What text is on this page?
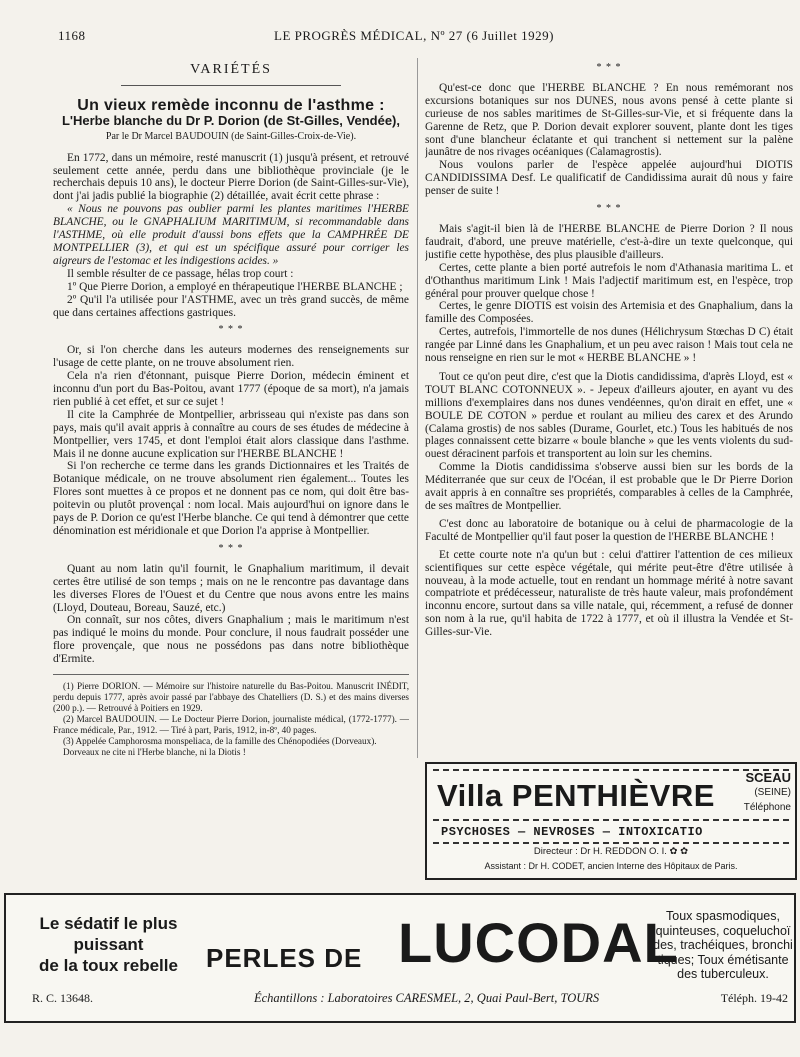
1168	LE PROGRÈS MÉDICAL, Nº 27 (6 Juillet 1929)
VARIÉTÉS
Un vieux remède inconnu de l'asthme :
L'Herbe blanche du Dr P. Dorion (de St-Gilles, Vendée),
Par le Dr Marcel BAUDOUIN (de Saint-Gilles-Croix-de-Vie).

En 1772, dans un mémoire, resté manuscrit (1) jusqu'à présent, et retrouvé seulement cette année, perdu dans une bibliothèque provinciale (je le recherchais depuis 10 ans), le docteur Pierre Dorion (de Saint-Gilles-sur-Vie), dont j'ai jadis publié la biographie (2) détaillée, avait écrit cette phrase :

« Nous ne pouvons pas oublier parmi les plantes maritimes l'HERBE BLANCHE, ou le GNAPHALIUM MARITIMUM, si recommandable dans l'ASTHME, où elle produit d'aussi bons effets que la CAMPHRÉE DE MONTPELLIER (3), et qui est un spécifique assuré pour corriger les aigreurs de l'estomac et les indigestions acides. »

Il semble résulter de ce passage, hélas trop court :

1º Que Pierre Dorion, a employé en thérapeutique l'HERBE BLANCHE ;

2º Qu'il l'a utilisée pour l'ASTHME, avec un très grand succès, de même que dans certaines affections gastriques.

* * *

Or, si l'on cherche dans les auteurs modernes des renseignements sur l'usage de cette plante, on ne trouve absolument rien.

Cela n'a rien d'étonnant, puisque Pierre Dorion, médecin éminent et inconnu d'un port du Bas-Poitou, avant 1777 (époque de sa mort), n'a jamais rien publié à cet effet, et sur ce sujet !

Il cite la Camphrée de Montpellier, arbrisseau qui n'existe pas dans son pays, mais qu'il avait appris à connaître au cours de ses études de médecine à Montpellier, vers 1745, et dont l'emploi était alors classique dans l'asthme. Mais il ne donne aucune explication sur l'HERBE BLANCHE !

Si l'on recherche ce terme dans les grands Dictionnaires et les Traités de Botanique médicale, on ne trouve absolument rien également... Toutes les Flores sont muettes à ce propos et ne donnent pas ce nom, qui doit être bas-poitevin ou plutôt provençal : nom local. Mais aujourd'hui on ignore dans le pays de P. Dorion ce qu'est l'Herbe blanche. Ce qui tend à démontrer que cette dénomination est méridionale et que Dorion l'a apprise à Montpellier.

* * *

Quant au nom latin qu'il fournit, le Gnaphalium maritimum, il devait certes être utilisé de son temps ; mais on ne le rencontre pas davantage dans les diverses Flores de l'Ouest et du Centre que nous avons entre les mains (Lloyd, Douteau, Boreau, Sauzé, etc.)

On connaît, sur nos côtes, divers Gnaphalium ; mais le maritimum n'est pas indiqué le moins du monde. Pour conclure, il nous faudrait posséder une flore provençale, que nous ne possédons pas dans notre bibliothèque d'Ermite.

(1) Pierre DORION. — Mémoire sur l'histoire naturelle du Bas-Poitou. Manuscrit INÉDIT, perdu depuis 1777, après avoir passé par l'abbaye des Chatelliers (D. S.) et des mains diverses (200 p.). — Retrouvé à Poitiers en 1929.

(2) Marcel BAUDOUIN. — Le Docteur Pierre Dorion, journaliste médical, (1772-1777). — France médicale, Par., 1912. — Tiré à part, Paris, 1912, in-8º, 40 pages.

(3) Appelée Camphorosma monspeliaca, de la famille des Chénopodiées (Dorveaux).

Dorveaux ne cite ni l'Herbe blanche, ni la Diotis !

* * *

Qu'est-ce donc que l'HERBE BLANCHE ? En nous remémorant nos excursions botaniques sur nos DUNES, nous avons pensé à cette plante si curieuse de nos sables maritimes de St-Gilles-sur-Vie, et si fréquente dans la Garenne de Retz, que P. Dorion devait explorer souvent, plante dont les tiges sont d'une blancheur éclatante et qui tranchent si nettement sur la palène jaunâtre de nos rivages océaniques (Calamagrostis).

Nous voulons parler de l'espèce appelée aujourd'hui DIOTIS CANDIDISSIMA Desf. Le qualificatif de Candidissima aurait dû nous y faire penser de suite !

* * *

Mais s'agit-il bien là de l'HERBE BLANCHE de Pierre Dorion ? Il nous faudrait, d'abord, une preuve matérielle, c'est-à-dire un texte quelconque, qui justifie cette hypothèse, des plus plausible d'ailleurs.

Certes, cette plante a bien porté autrefois le nom d'Athanasia maritima L. et d'Othanthus maritimum Link ! Mais l'adjectif maritimum est, en l'espèce, trop général pour prouver quelque chose !

Certes, le genre DIOTIS est voisin des Artemisia et des Gnaphalium, dans la famille des Composées.

Certes, autrefois, l'immortelle de nos dunes (Hélichrysum Stœchas D C) était rangée par Linné dans les Gnaphalium, et un peu avec raison ! Mais tout cela ne nous renseigne en rien sur le mot « HERBE BLANCHE » !

Tout ce qu'on peut dire, c'est que la Diotis candidissima, d'après Lloyd, est « TOUT BLANC COTONNEUX ». - Jepeux d'ailleurs ajouter, en ayant vu des millions d'exemplaires dans nos dunes vendéennes, qu'on dirait en effet, une « BOULE DE COTON » perdue et roulant au milieu des carex et des Arundo (Calama grostis) de nos sables (Durame, Gourlet, etc.) Tous les habitués de nos plages connaissent cette bizarre « boule blanche » que les vents violents du sud-ouest déracinent parfois et transportent au loin sur les chemins.

Comme la Diotis candidissima s'observe aussi bien sur les bords de la Méditerranée que sur ceux de l'Océan, il est probable que le Dr Pierre Dorion avait appris à en connaître ses propriétés, comparables à celles de la Camphrée, de ses maîtres de Montpellier.

C'est donc au laboratoire de botanique ou à celui de pharmacologie de la Faculté de Montpellier qu'il faut poser la question de l'HERBE BLANCHE !

Et cette courte note n'a qu'un but : celui d'attirer l'attention de ces milieux scientifiques sur cette espèce végétale, qui mérite peut-être d'être utilisée à nouveau, à la mode actuelle, tout en rendant un hommage mérité à notre savant compatriote et prédécesseur, naturaliste de très haute valeur, mais profondément inconnu encore, surtout dans sa ville natale, qui, récemment, a refusé de donner son nom à la rue, qu'il habita de 1722 à 1777, et où il illustra la Vendée et St-Gilles-sur-Vie.

Villa PENTHIÈVRE
SCEAU
(SEINE)
Téléphone
PSYCHOSES — NEVROSES — INTOXICATIO
Directeur : Dr H. REDDON O. I. ✿ ✿
Assistant : Dr H. CODET, ancien Interne des Hôpitaux de Paris.
Le sédatif le plus
puissant
de la toux rebelle	PERLES DE LUCODAL
Toux spasmodiques,
quinteuses, coqueluchoï
des, trachéiques, bronchi
tiques; Toux émétisante
des tuberculeux.
R. C. 13648.	Échantillons : Laboratoires CARESMEL, 2, Quai Paul-Bert, TOURS	Téléph. 19-42
